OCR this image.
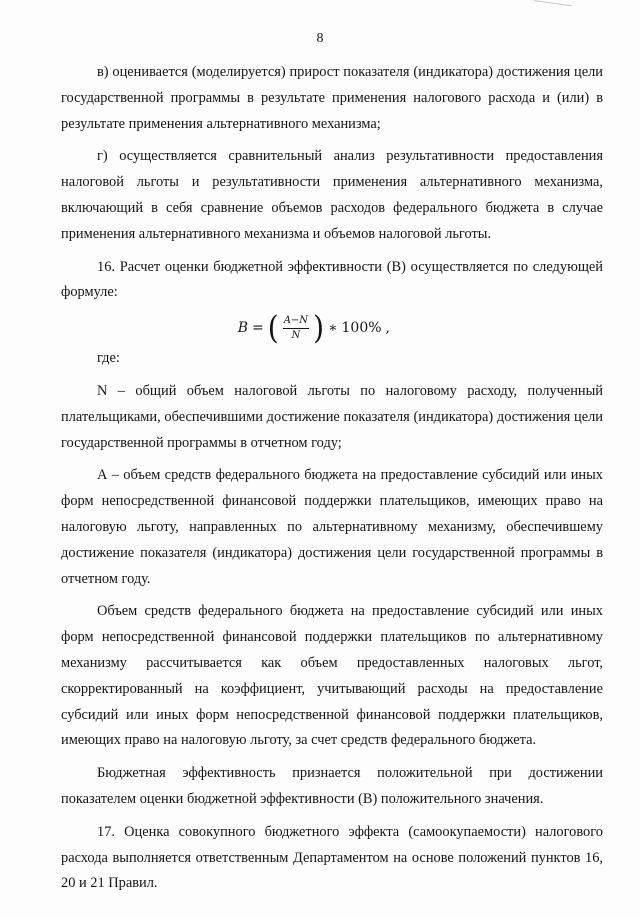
8

в) оценивается (моделируется) прирост показателя (индикатора) достижения цели государственной программы в результате применения налогового расхода и (или) в результате применения альтернативного механизма;

г) осуществляется сравнительный анализ результативности предоставления налоговой льготы и результативности применения альтернативного механизма, включающий в себя сравнение объемов расходов федерального бюджета в случае применения альтернативного механизма и объемов налоговой льготы.

16. Расчет оценки бюджетной эффективности (В) осуществляется по следующей формуле:

B = ( $\frac{A-N}{N}$ ) ∗ 100% ,

где:

N – общий объем налоговой льготы по налоговому расходу, полученный плательщиками, обеспечившими достижение показателя (индикатора) достижения цели государственной программы в отчетном году;

А – объем средств федерального бюджета на предоставление субсидий или иных форм непосредственной финансовой поддержки плательщиков, имеющих право на налоговую льготу, направленных по альтернативному механизму, обеспечившему достижение показателя (индикатора) достижения цели государственной программы в отчетном году.

Объем средств федерального бюджета на предоставление субсидий или иных форм непосредственной финансовой поддержки плательщиков по альтернативному механизму рассчитывается как объем предоставленных налоговых льгот, скорректированный на коэффициент, учитывающий расходы на предоставление субсидий или иных форм непосредственной финансовой поддержки плательщиков, имеющих право на налоговую льготу, за счет средств федерального бюджета.

Бюджетная эффективность признается положительной при достижении показателем оценки бюджетной эффективности (В) положительного значения.

17. Оценка совокупного бюджетного эффекта (самоокупаемости) налогового расхода выполняется ответственным Департаментом на основе положений пунктов 16, 20 и 21 Правил.
